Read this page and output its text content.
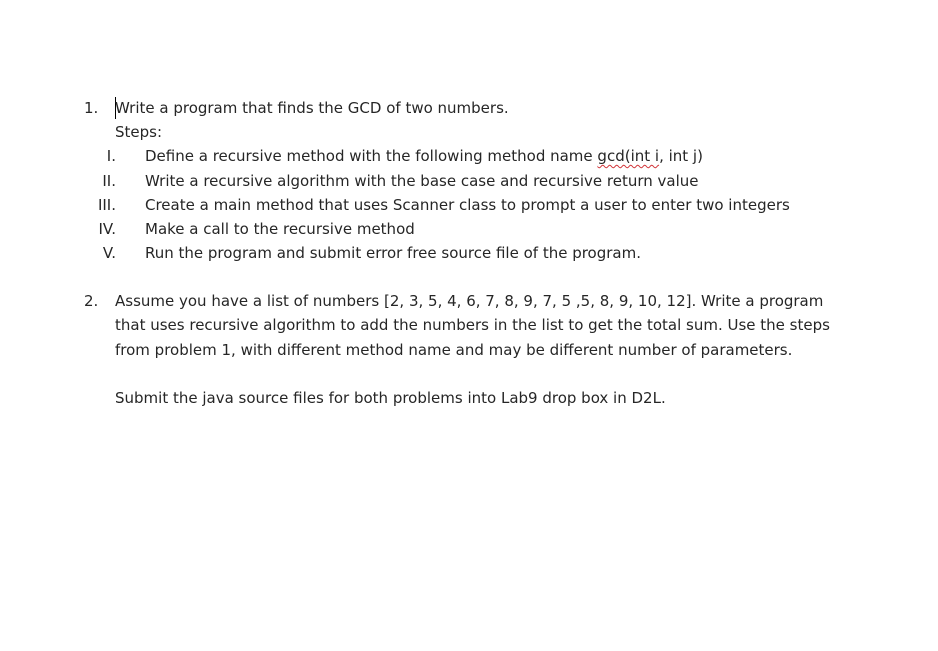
1. Write a program that finds the GCD of two numbers.
Steps:
I. Define a recursive method with the following method name gcd(int i, int j)
II. Write a recursive algorithm with the base case and recursive return value
III. Create a main method that uses Scanner class to prompt a user to enter two integers
IV. Make a call to the recursive method
V. Run the program and submit error free source file of the program.
2. Assume you have a list of numbers [2, 3, 5, 4, 6, 7, 8, 9, 7, 5 ,5, 8, 9, 10, 12]. Write a program
that uses recursive algorithm to add the numbers in the list to get the total sum. Use the steps
from problem 1, with different method name and may be different number of parameters.
Submit the java source files for both problems into Lab9 drop box in D2L.
